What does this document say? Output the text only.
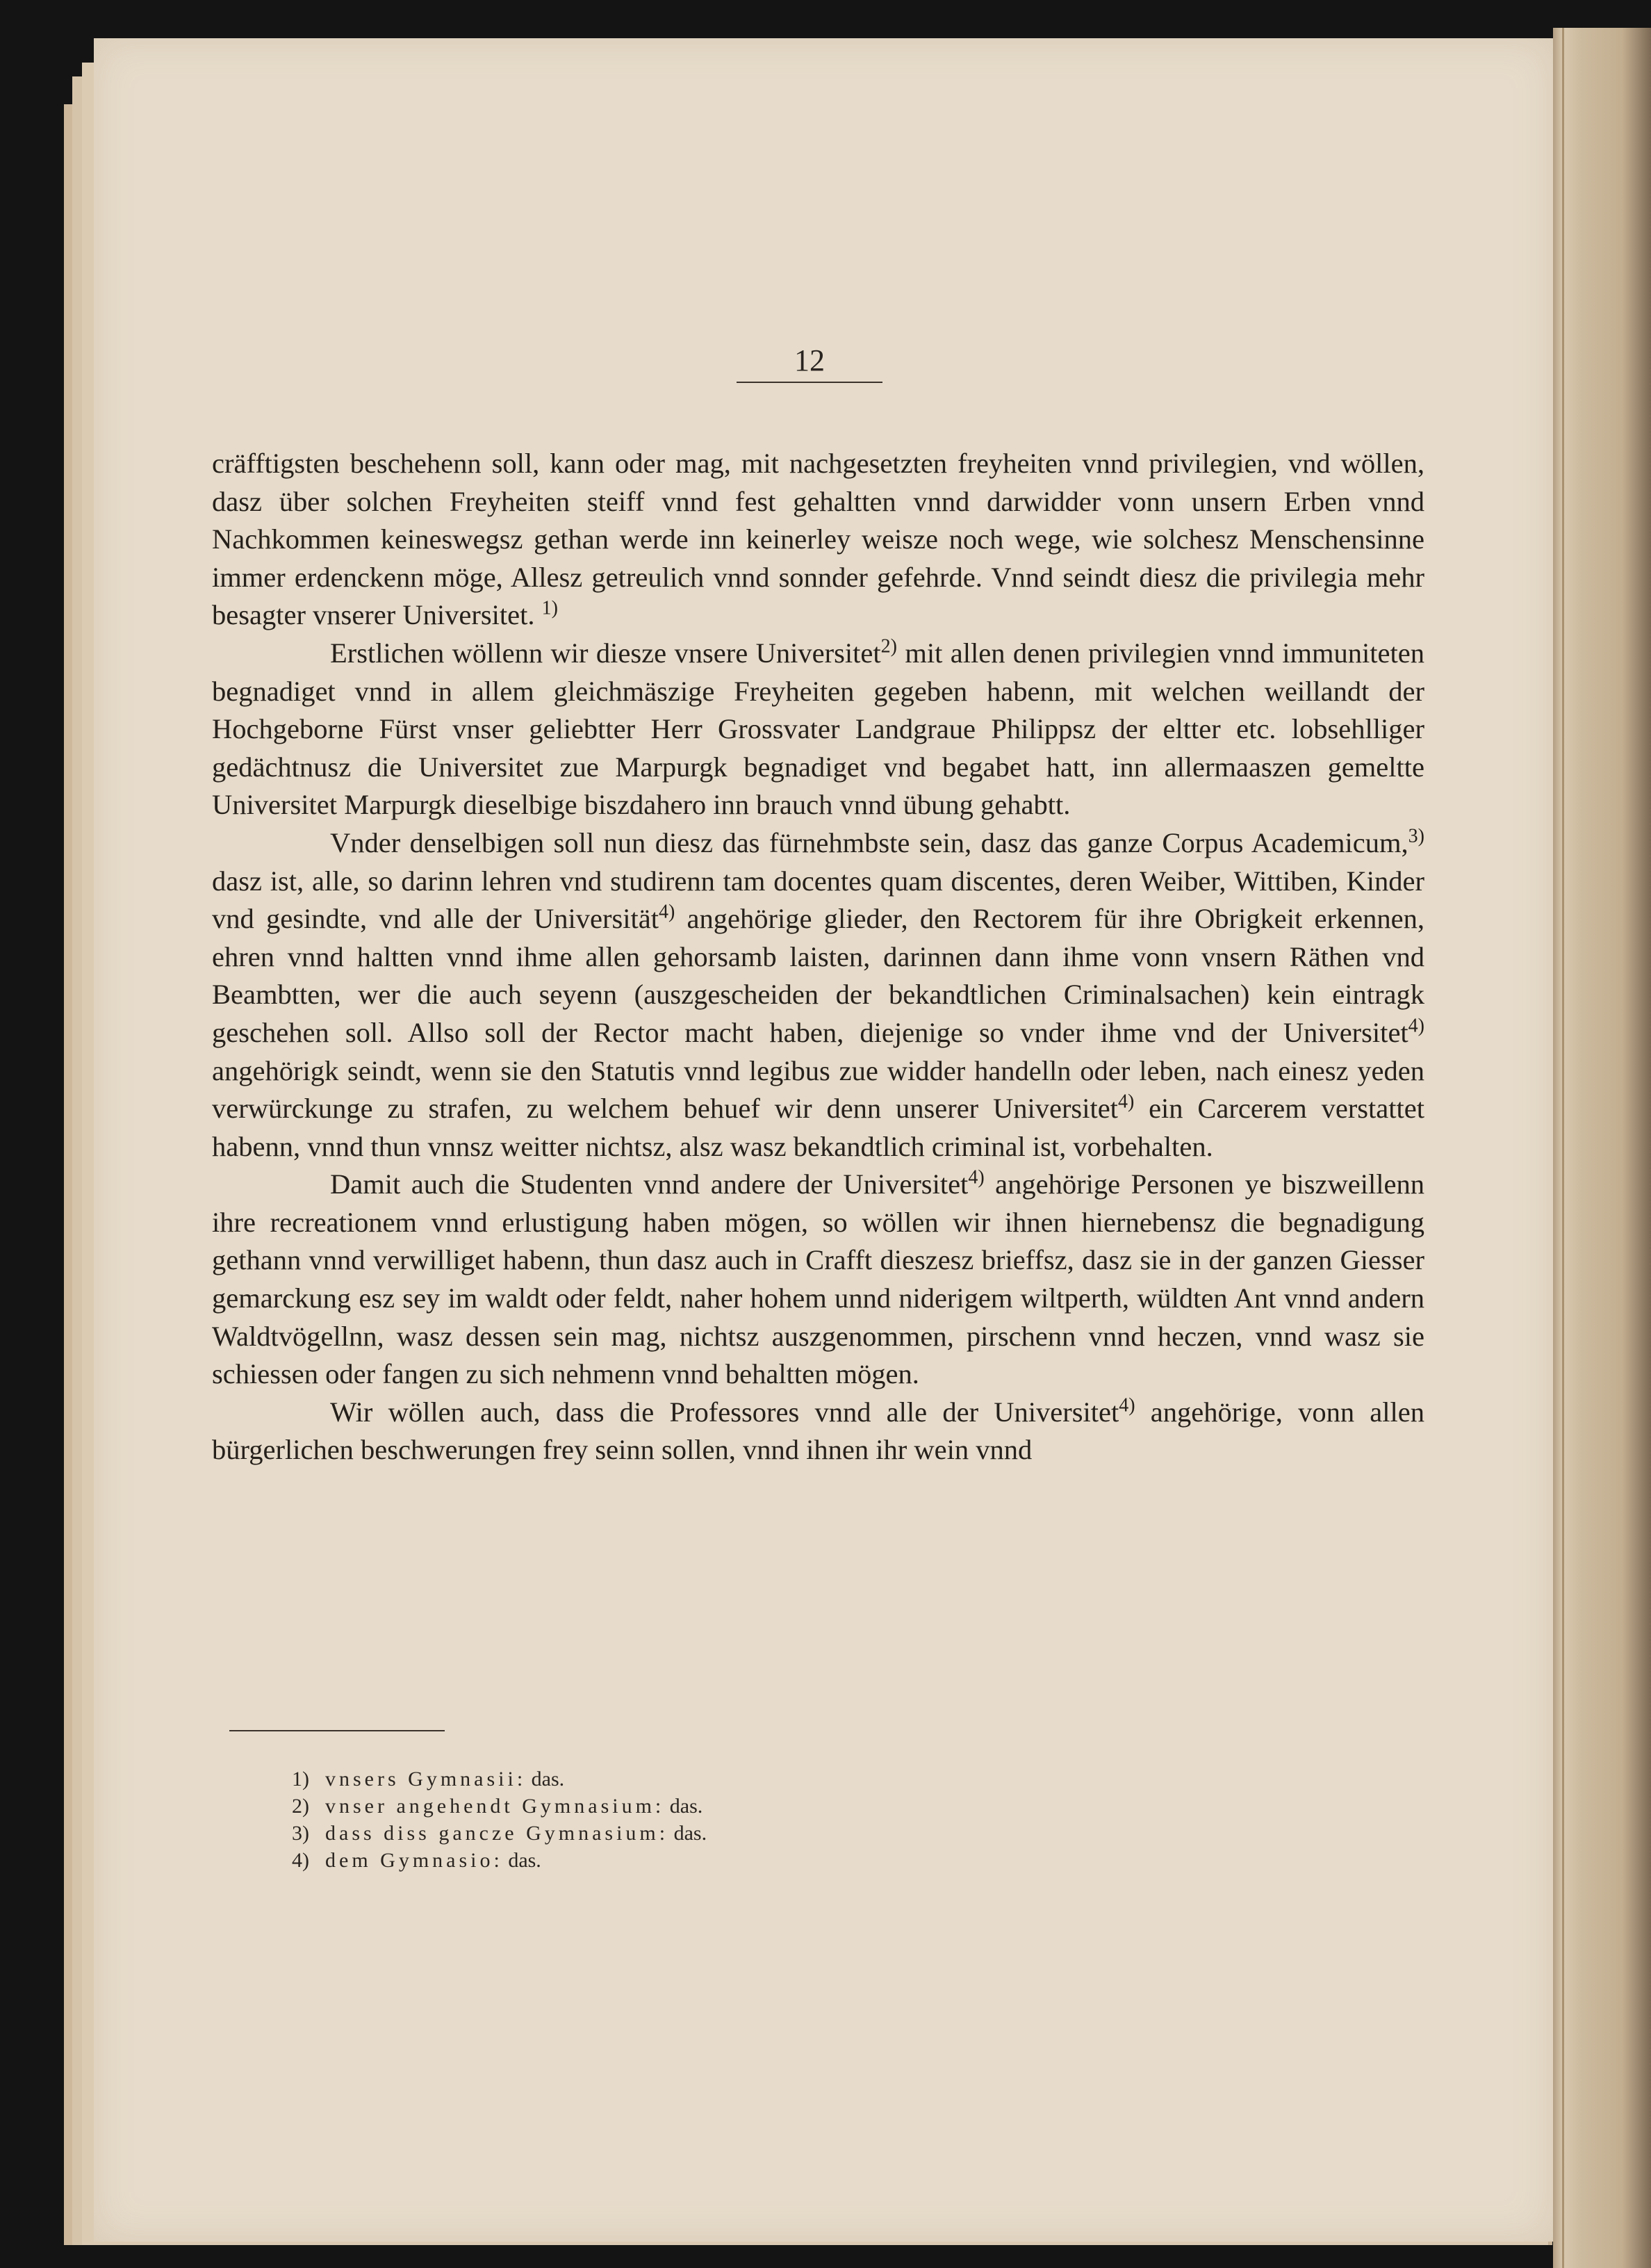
12

cräfftigsten beschehenn soll, kann oder mag, mit nachgesetzten freyheiten vnnd privilegien, vnd wöllen, dasz über solchen Freyheiten steiff vnnd fest gehaltten vnnd darwidder vonn unsern Erben vnnd Nachkommen keineswegsz gethan werde inn keinerley weisze noch wege, wie solchesz Menschensinne immer erdenckenn möge, Allesz getreulich vnnd sonnder gefehrde. Vnnd seindt diesz die privilegia mehr besagter vnserer Universitet. $^{1)}$

Erstlichen wöllenn wir diesze vnsere Universitet$^{2)}$ mit allen denen privilegien vnnd immuniteten begnadiget vnnd in allem gleichmäszige Freyheiten gegeben habenn, mit welchen weillandt der Hochgeborne Fürst vnser geliebtter Herr Grossvater Landgraue Philippsz der eltter etc. lobsehlliger gedächtnusz die Universitet zue Marpurgk begnadiget vnd begabet hatt, inn allermaaszen gemeltte Universitet Marpurgk dieselbige biszdahero inn brauch vnnd übung gehabtt.

Vnder denselbigen soll nun diesz das fürnehmbste sein, dasz das ganze Corpus Academicum,$^{3)}$ dasz ist, alle, so darinn lehren vnd studirenn tam docentes quam discentes, deren Weiber, Wittiben, Kinder vnd gesindte, vnd alle der Universität$^{4)}$ angehörige glieder, den Rectorem für ihre Obrigkeit erkennen, ehren vnnd haltten vnnd ihme allen gehorsamb laisten, darinnen dann ihme vonn vnsern Räthen vnd Beambtten, wer die auch seyenn (auszgescheiden der bekandtlichen Criminalsachen) kein eintragk geschehen soll. Allso soll der Rector macht haben, diejenige so vnder ihme vnd der Universitet$^{4)}$ angehörigk seindt, wenn sie den Statutis vnnd legibus zue widder handelln oder leben, nach einesz yeden verwürckunge zu strafen, zu welchem behuef wir denn unserer Universitet$^{4)}$ ein Carcerem verstattet habenn, vnnd thun vnnsz weitter nichtsz, alsz wasz bekandtlich criminal ist, vorbehalten.

Damit auch die Studenten vnnd andere der Universitet$^{4)}$ angehörige Personen ye biszweillenn ihre recreationem vnnd erlustigung haben mögen, so wöllen wir ihnen hiernebensz die begnadigung gethann vnnd verwilliget habenn, thun dasz auch in Crafft dieszesz brieffsz, dasz sie in der ganzen Giesser gemarckung esz sey im waldt oder feldt, naher hohem unnd niderigem wiltperth, wüldten Ant vnnd andern Waldtvögellnn, wasz dessen sein mag, nichtsz auszgenommen, pirschenn vnnd heczen, vnnd wasz sie schiessen oder fangen zu sich nehmenn vnnd behaltten mögen.

Wir wöllen auch, dass die Professores vnnd alle der Universitet$^{4)}$ angehörige, vonn allen bürgerlichen beschwerungen frey seinn sollen, vnnd ihnen ihr wein vnnd

1) vnsers Gymnasii: das.

2) vnser angehendt Gymnasium: das.

3) dass diss gancze Gymnasium: das.

4) dem Gymnasio: das.
